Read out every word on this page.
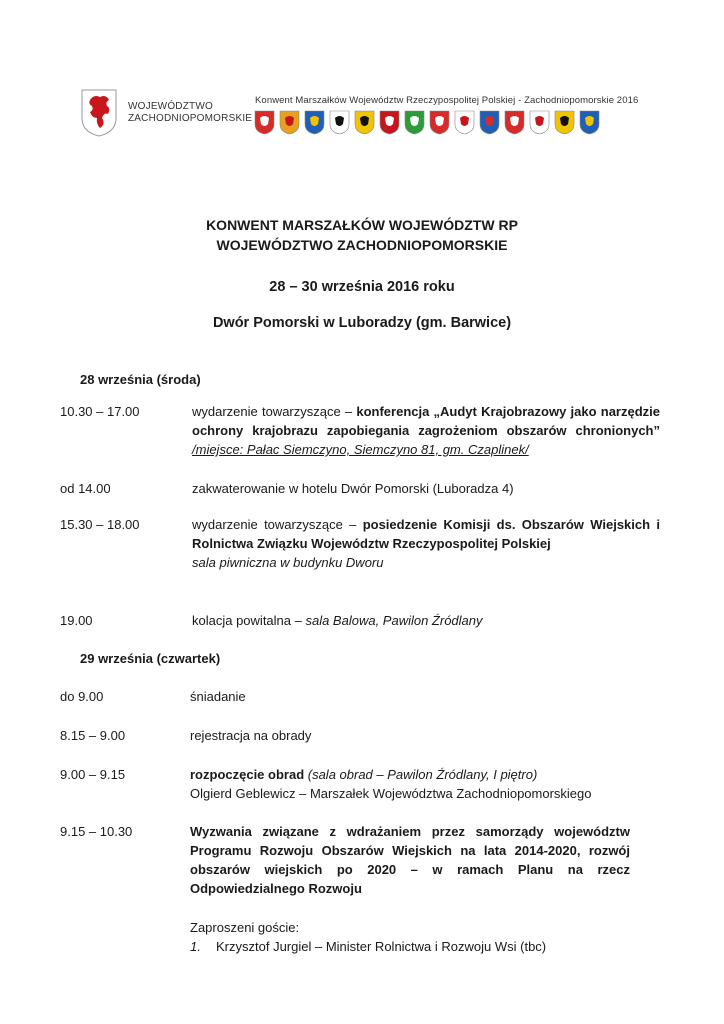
WOJEWÓDZTWO
ZACHODNIOPOMORSKIE
Konwent Marszałków Województw Rzeczypospolitej Polskiej - Zachodniopomorskie 2016
KONWENT MARSZAŁKÓW WOJEWÓDZTW RP
WOJEWÓDZTWO ZACHODNIOPOMORSKIE
28 – 30 września 2016 roku
Dwór Pomorski w Luboradzy (gm. Barwice)
28 września (środa)
10.30 – 17.00	wydarzenie towarzyszące – konferencja „Audyt Krajobrazowy jako narzędzie ochrony krajobrazu zapobiegania zagrożeniom obszarów chronionych” /miejsce: Pałac Siemczyno, Siemczyno 81, gm. Czaplinek/
od 14.00	zakwaterowanie w hotelu Dwór Pomorski (Luboradza 4)
15.30 – 18.00	wydarzenie towarzyszące – posiedzenie Komisji ds. Obszarów Wiejskich i Rolnictwa Związku Województw Rzeczypospolitej Polskiej
sala piwniczna w budynku Dworu
19.00	kolacja powitalna – sala Balowa, Pawilon Źródlany
29 września (czwartek)
do 9.00	śniadanie
8.15 – 9.00	rejestracja na obrady
9.00 – 9.15	rozpoczęcie obrad (sala obrad – Pawilon Źródlany, I piętro)
Olgierd Geblewicz – Marszałek Województwa Zachodniopomorskiego
9.15 – 10.30	Wyzwania związane z wdrażaniem przez samorządy województw Programu Rozwoju Obszarów Wiejskich na lata 2014-2020, rozwój obszarów wiejskich po 2020 – w ramach Planu na rzecz Odpowiedzialnego Rozwoju
Zaproszeni goście:
1.	Krzysztof Jurgiel – Minister Rolnictwa i Rozwoju Wsi (tbc)
